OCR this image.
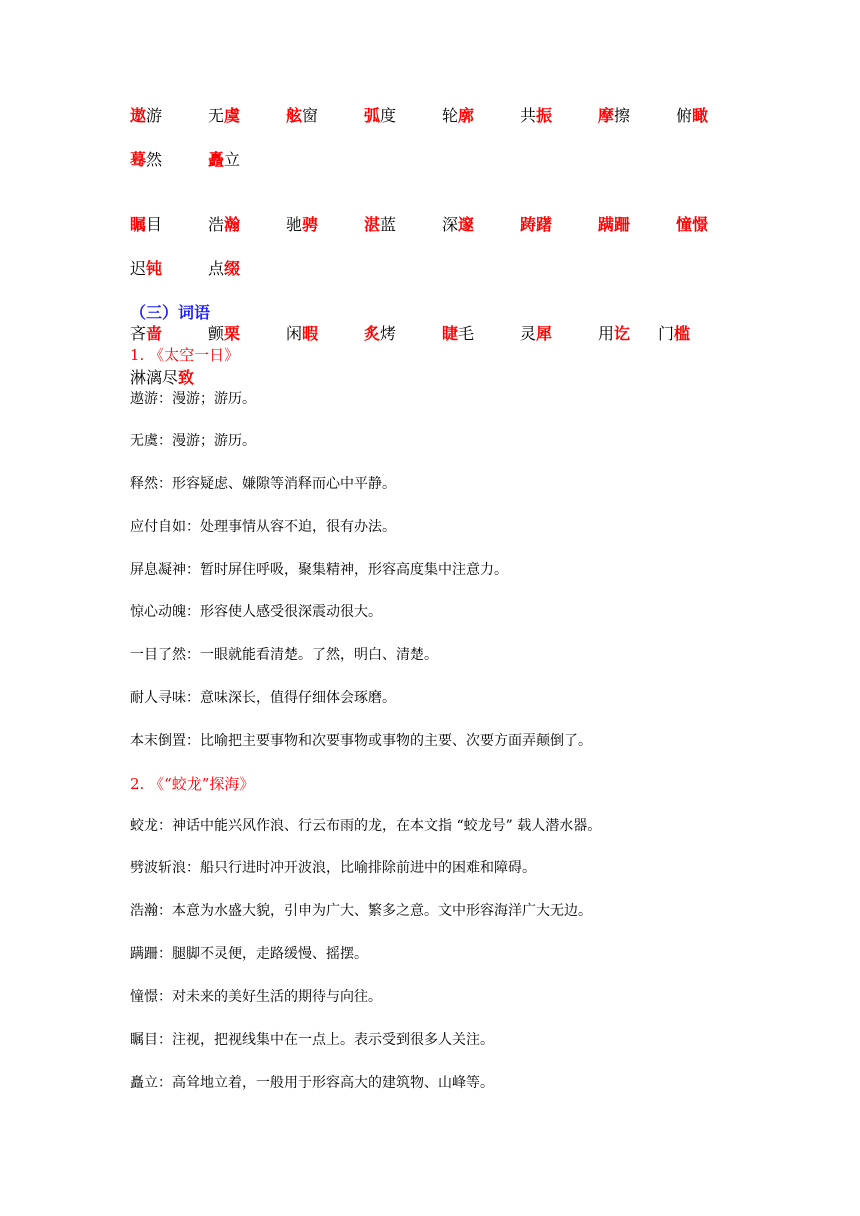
遨游	无虞	舷窗	弧度	轮廓	共振	摩擦	俯瞰
蓦然	矗立
瞩目	浩瀚	驰骋	湛蓝	深邃	踌躇	蹒跚	憧憬
迟钝	点缀
吝啬	颤栗	闲暇	炙烤	睫毛	灵犀	用讫 门槛
淋漓尽致
（三）词语
1. 《太空一日》
遨游：漫游；游历。
无虞：漫游；游历。
释然：形容疑虑、嫌隙等消释而心中平静。
应付自如：处理事情从容不迫，很有办法。
屏息凝神：暂时屏住呼吸，聚集精神，形容高度集中注意力。
惊心动魄：形容使人感受很深震动很大。
一目了然：一眼就能看清楚。了然，明白、清楚。
耐人寻味：意味深长，值得仔细体会琢磨。
本末倒置：比喻把主要事物和次要事物或事物的主要、次要方面弄颠倒了。
2. 《“蛟龙”探海》
蛟龙：神话中能兴风作浪、行云布雨的龙，在本文指 “蛟龙号” 载人潜水器。
劈波斩浪：船只行进时冲开波浪，比喻排除前进中的困难和障碍。
浩瀚：本意为水盛大貌，引申为广大、繁多之意。文中形容海洋广大无边。
蹒跚：腿脚不灵便，走路缓慢、摇摆。
憧憬：对未来的美好生活的期待与向往。
瞩目：注视，把视线集中在一点上。表示受到很多人关注。
矗立：高耸地立着，一般用于形容高大的建筑物、山峰等。
